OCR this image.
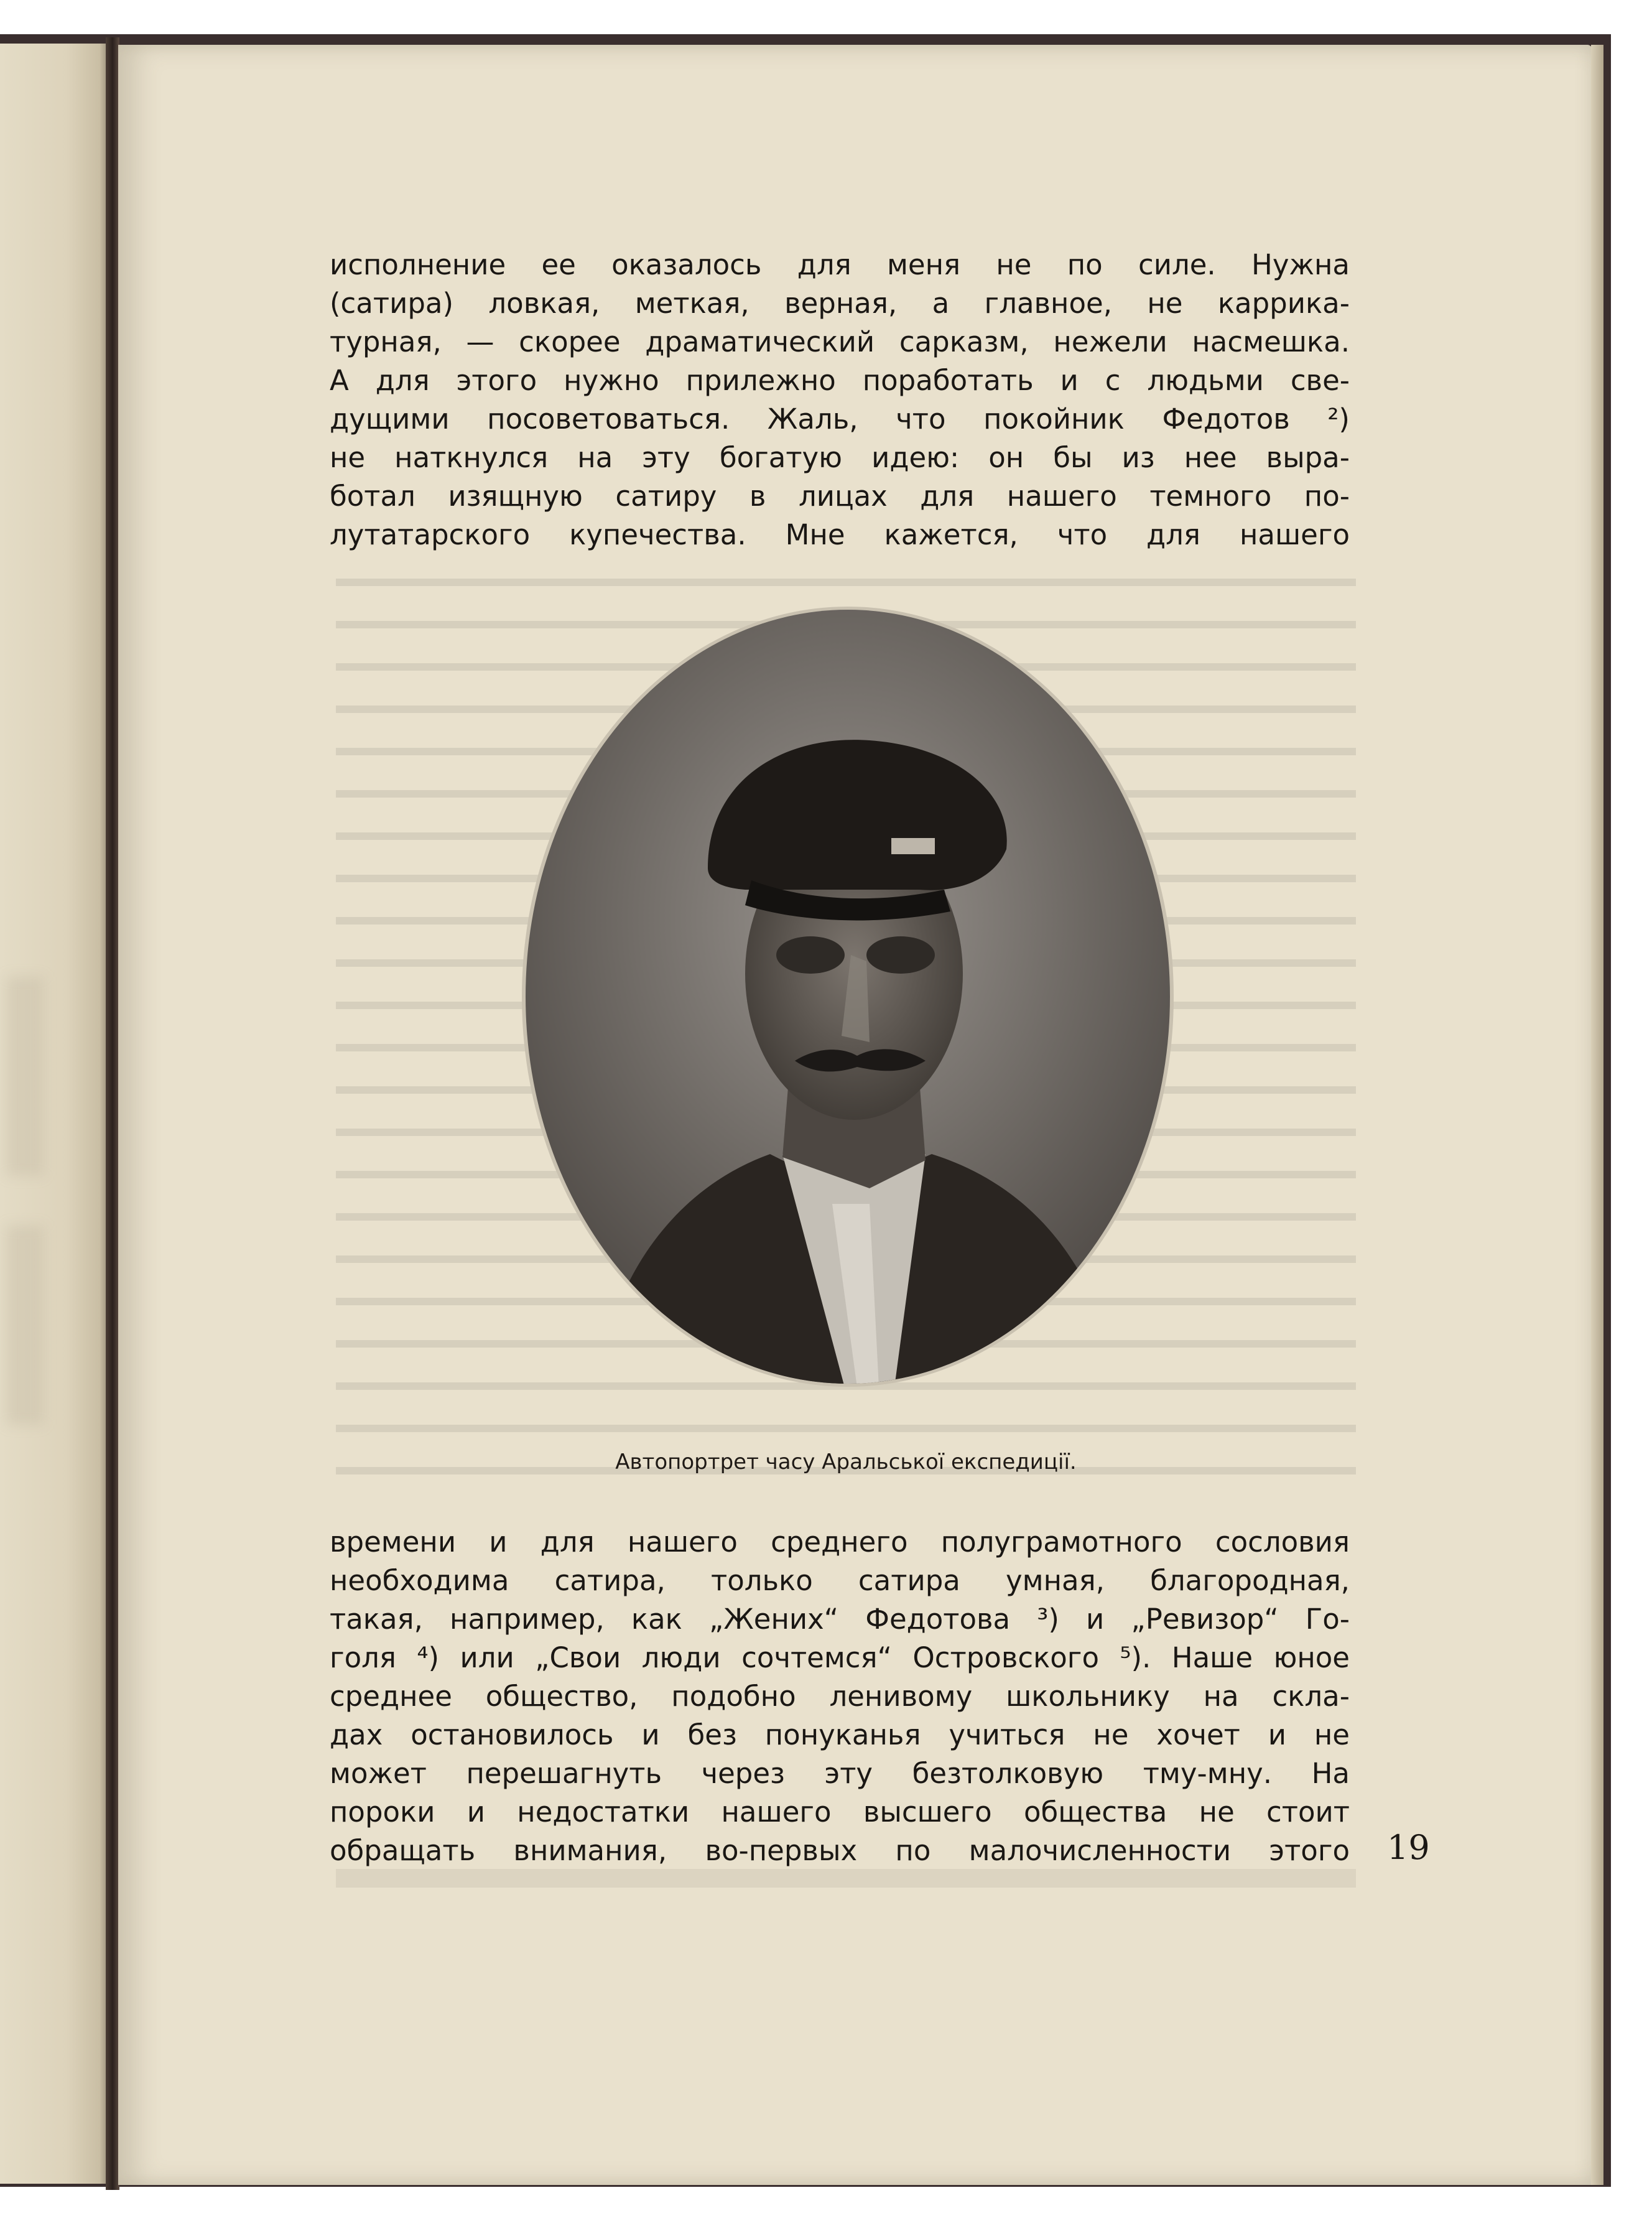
исполнение ее оказалось для меня не по силе. Нужна
(сатира) ловкая, меткая, верная, а главное, не каррика-
турная, — скорее драматический сарказм, нежели насмешка.
А для этого нужно прилежно поработать и с людьми све-
дущими посоветоваться. Жаль, что покойник Федотов ²)
не наткнулся на эту богатую идею: он бы из нее выра-
ботал изящную сатиру в лицах для нашего темного по-
лутатарского купечества. Мне кажется, что для нашего
Автопортрет часу Аральської експедиції.
времени и для нашего среднего полуграмотного сословия
необходима сатира, только сатира умная, благородная,
такая, например, как „Жених“ Федотова ³) и „Ревизор“ Го-
голя ⁴) или „Свои люди сочтемся“ Островского ⁵). Наше юное
среднее общество, подобно ленивому школьнику на скла-
дах остановилось и без понуканья учиться не хочет и не
может перешагнуть через эту безтолковую тму-мну. На
пороки и недостатки нашего высшего общества не стоит
обращать внимания, во-первых по малочисленности этого 19
